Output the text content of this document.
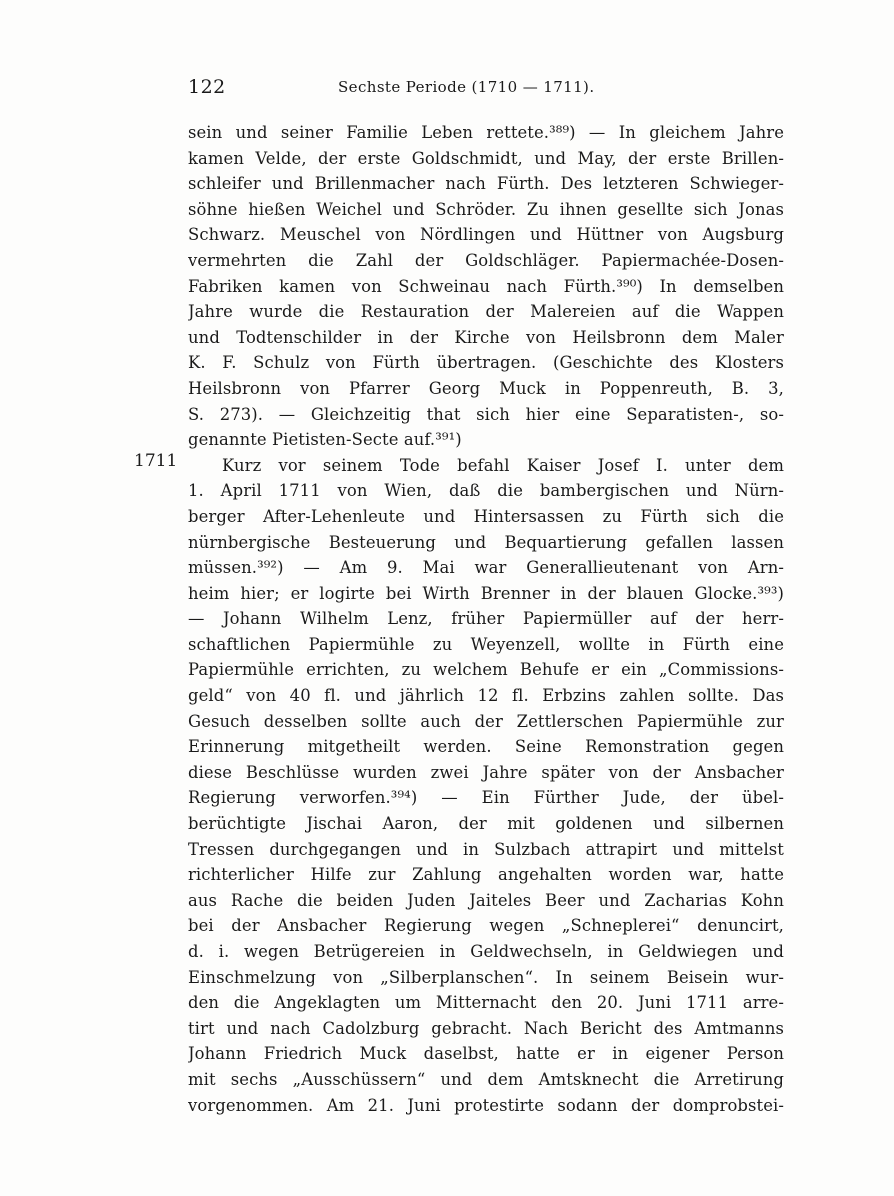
122	Sechste Periode (1710 — 1711).
1711
sein und seiner Familie Leben rettete.³⁸⁹) — In gleichem Jahre
kamen Velde, der erste Goldschmidt, und May, der erste Brillen-
schleifer und Brillenmacher nach Fürth. Des letzteren Schwieger-
söhne hießen Weichel und Schröder. Zu ihnen gesellte sich Jonas
Schwarz. Meuschel von Nördlingen und Hüttner von Augsburg
vermehrten die Zahl der Goldschläger. Papiermachée-Dosen-
Fabriken kamen von Schweinau nach Fürth.³⁹⁰) In demselben
Jahre wurde die Restauration der Malereien auf die Wappen
und Todtenschilder in der Kirche von Heilsbronn dem Maler
K. F. Schulz von Fürth übertragen. (Geschichte des Klosters
Heilsbronn von Pfarrer Georg Muck in Poppenreuth, B. 3,
S. 273). — Gleichzeitig that sich hier eine Separatisten-, so-
genannte Pietisten-Secte auf.³⁹¹)
Kurz vor seinem Tode befahl Kaiser Josef I. unter dem
1. April 1711 von Wien, daß die bambergischen und Nürn-
berger After-Lehenleute und Hintersassen zu Fürth sich die
nürnbergische Besteuerung und Bequartierung gefallen lassen
müssen.³⁹²) — Am 9. Mai war Generallieutenant von Arn-
heim hier; er logirte bei Wirth Brenner in der blauen Glocke.³⁹³)
— Johann Wilhelm Lenz, früher Papiermüller auf der herr-
schaftlichen Papiermühle zu Weyenzell, wollte in Fürth eine
Papiermühle errichten, zu welchem Behufe er ein „Commissions-
geld“ von 40 fl. und jährlich 12 fl. Erbzins zahlen sollte. Das
Gesuch desselben sollte auch der Zettlerschen Papiermühle zur
Erinnerung mitgetheilt werden. Seine Remonstration gegen
diese Beschlüsse wurden zwei Jahre später von der Ansbacher
Regierung verworfen.³⁹⁴) — Ein Fürther Jude, der übel-
berüchtigte Jischai Aaron, der mit goldenen und silbernen
Tressen durchgegangen und in Sulzbach attrapirt und mittelst
richterlicher Hilfe zur Zahlung angehalten worden war, hatte
aus Rache die beiden Juden Jaiteles Beer und Zacharias Kohn
bei der Ansbacher Regierung wegen „Schneplerei“ denuncirt,
d. i. wegen Betrügereien in Geldwechseln, in Geldwiegen und
Einschmelzung von „Silberplanschen“. In seinem Beisein wur-
den die Angeklagten um Mitternacht den 20. Juni 1711 arre-
tirt und nach Cadolzburg gebracht. Nach Bericht des Amtmanns
Johann Friedrich Muck daselbst, hatte er in eigener Person
mit sechs „Ausschüssern“ und dem Amtsknecht die Arretirung
vorgenommen. Am 21. Juni protestirte sodann der domprobstei-
